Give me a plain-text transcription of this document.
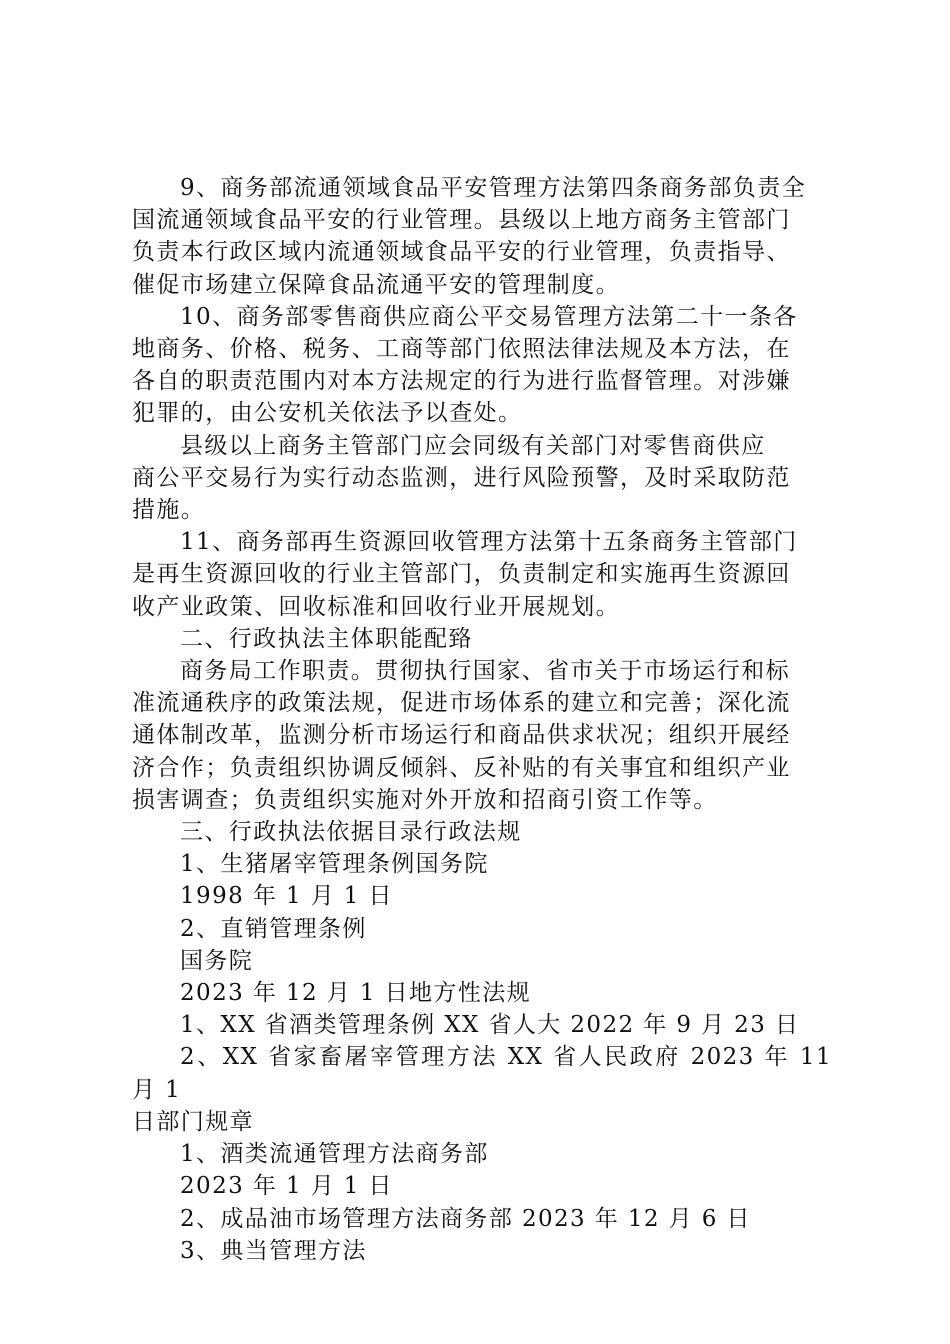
9、商务部流通领域食品平安管理方法第四条商务部负责全
国流通领域食品平安的行业管理。县级以上地方商务主管部门
负责本行政区域内流通领域食品平安的行业管理，负责指导、
催促市场建立保障食品流通平安的管理制度。

10、商务部零售商供应商公平交易管理方法第二十一条各
地商务、价格、税务、工商等部门依照法律法规及本方法，在
各自的职责范围内对本方法规定的行为进行监督管理。对涉嫌
犯罪的，由公安机关依法予以查处。

县级以上商务主管部门应会同级有关部门对零售商供应
商公平交易行为实行动态监测，进行风险预警，及时采取防范
措施。

11、商务部再生资源回收管理方法第十五条商务主管部门
是再生资源回收的行业主管部门，负责制定和实施再生资源回
收产业政策、回收标准和回收行业开展规划。

二、行政执法主体职能配臵

商务局工作职责。贯彻执行国家、省市关于市场运行和标
准流通秩序的政策法规，促进市场体系的建立和完善；深化流
通体制改革，监测分析市场运行和商品供求状况；组织开展经
济合作；负责组织协调反倾斜、反补贴的有关事宜和组织产业
损害调查；负责组织实施对外开放和招商引资工作等。

三、行政执法依据目录行政法规

1、生猪屠宰管理条例国务院

1998 年 1 月 1 日

2、直销管理条例

国务院

2023 年 12 月 1 日地方性法规

1、XX 省酒类管理条例 XX 省人大 2022 年 9 月 23 日

2、XX 省家畜屠宰管理方法 XX 省人民政府 2023 年 11 月 1
日部门规章

1、酒类流通管理方法商务部

2023 年 1 月 1 日

2、成品油市场管理方法商务部 2023 年 12 月 6 日

3、典当管理方法
